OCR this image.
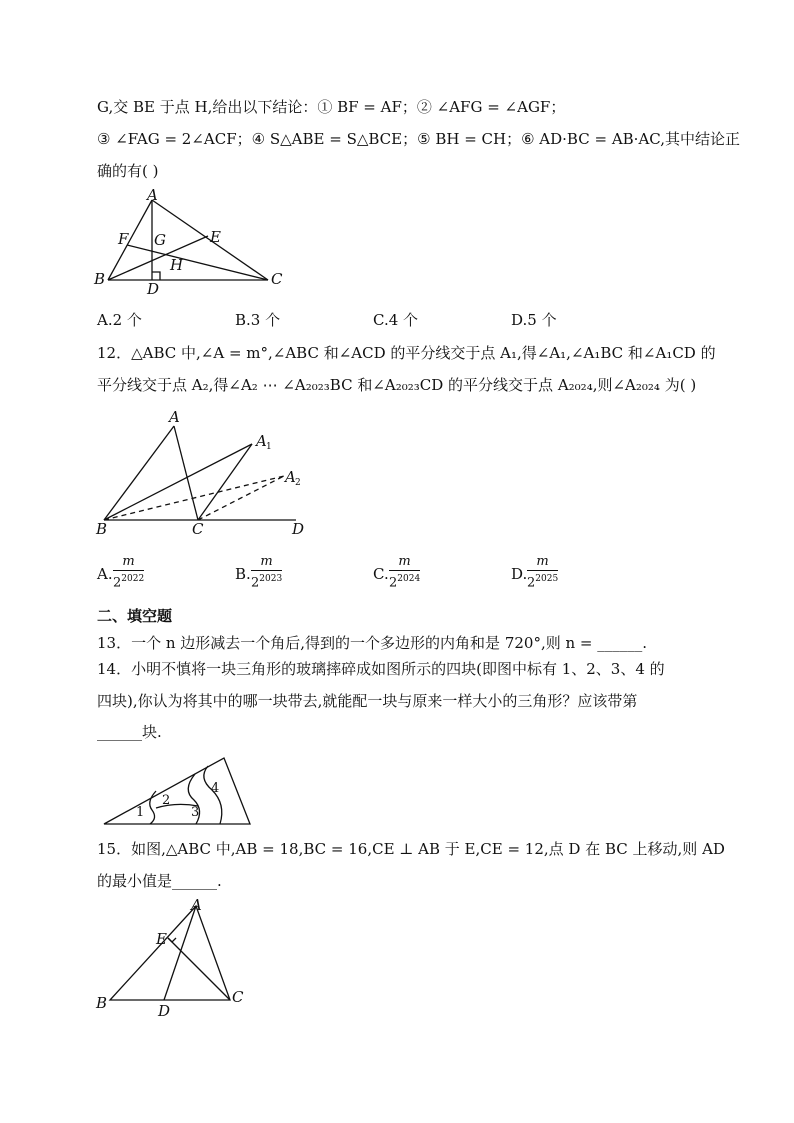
G,交 BE 于点 H,给出以下结论：① BF = AF；② ∠AFG = ∠AGF；
③ ∠FAG = 2∠ACF；④ S△ABE = S△BCE；⑤ BH = CH；⑥ AD·BC = AB·AC,其中结论正
确的有( )
A
B	C
D
E
F G
H
A.2 个	B.3 个	C.4 个	D.5 个
12．△ABC 中,∠A = m°,∠ABC 和∠ACD 的平分线交于点 A₁,得∠A₁,∠A₁BC 和∠A₁CD 的
平分线交于点 A₂,得∠A₂ ⋯ ∠A₂₀₂₃BC 和∠A₂₀₂₃CD 的平分线交于点 A₂₀₂₄,则∠A₂₀₂₄ 为( )
A
A 1
A 2
B	C	D
A. $\frac{m}{2^{2022}}$	B. $\frac{m}{2^{2023}}$	C. $\frac{m}{2^{2024}}$	D. $\frac{m}{2^{2025}}$
二、填空题
13．一个 n 边形减去一个角后,得到的一个多边形的内角和是 720°,则 n = ______.
14．小明不慎将一块三角形的玻璃摔碎成如图所示的四块(即图中标有 1、2、3、4 的
四块),你认为将其中的哪一块带去,就能配一块与原来一样大小的三角形？应该带第
______块.
1
2
3
4
15．如图,△ABC 中,AB = 18,BC = 16,CE ⊥ AB 于 E,CE = 12,点 D 在 BC 上移动,则 AD
的最小值是______.
A
B	C
D
E
